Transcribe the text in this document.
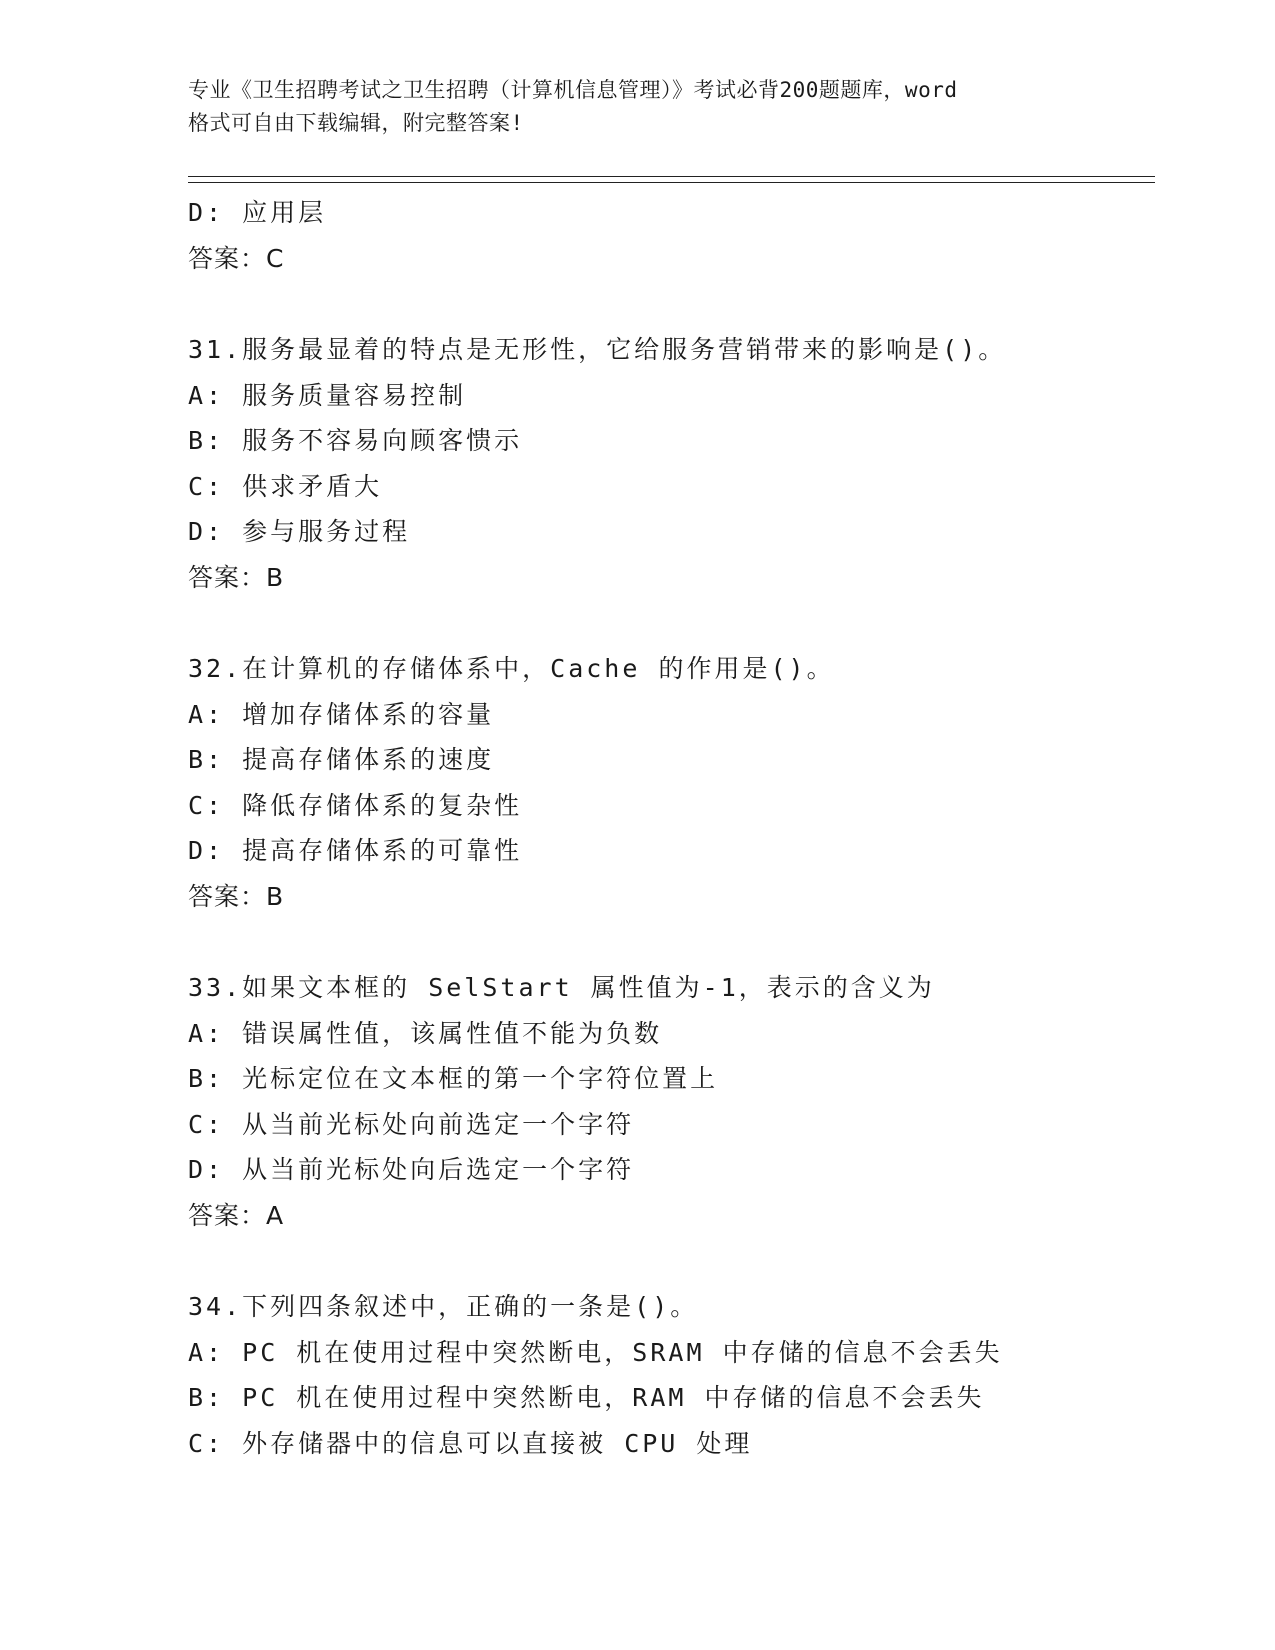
专业《卫生招聘考试之卫生招聘（计算机信息管理）》考试必背200题题库，word
格式可自由下载编辑，附完整答案!
D: 应用层
答案：C
31.服务最显着的特点是无形性，它给服务营销带来的影响是()。
A: 服务质量容易控制
B: 服务不容易向顾客愦示
C: 供求矛盾大
D: 参与服务过程
答案：B
32.在计算机的存储体系中，Cache 的作用是()。
A: 增加存储体系的容量
B: 提高存储体系的速度
C: 降低存储体系的复杂性
D: 提高存储体系的可靠性
答案：B
33.如果文本框的 SelStart 属性值为-1，表示的含义为
A: 错误属性值，该属性值不能为负数
B: 光标定位在文本框的第一个字符位置上
C: 从当前光标处向前选定一个字符
D: 从当前光标处向后选定一个字符
答案：A
34.下列四条叙述中，正确的一条是()。
A: PC 机在使用过程中突然断电，SRAM 中存储的信息不会丢失
B: PC 机在使用过程中突然断电，RAM 中存储的信息不会丢失
C: 外存储器中的信息可以直接被 CPU 处理
